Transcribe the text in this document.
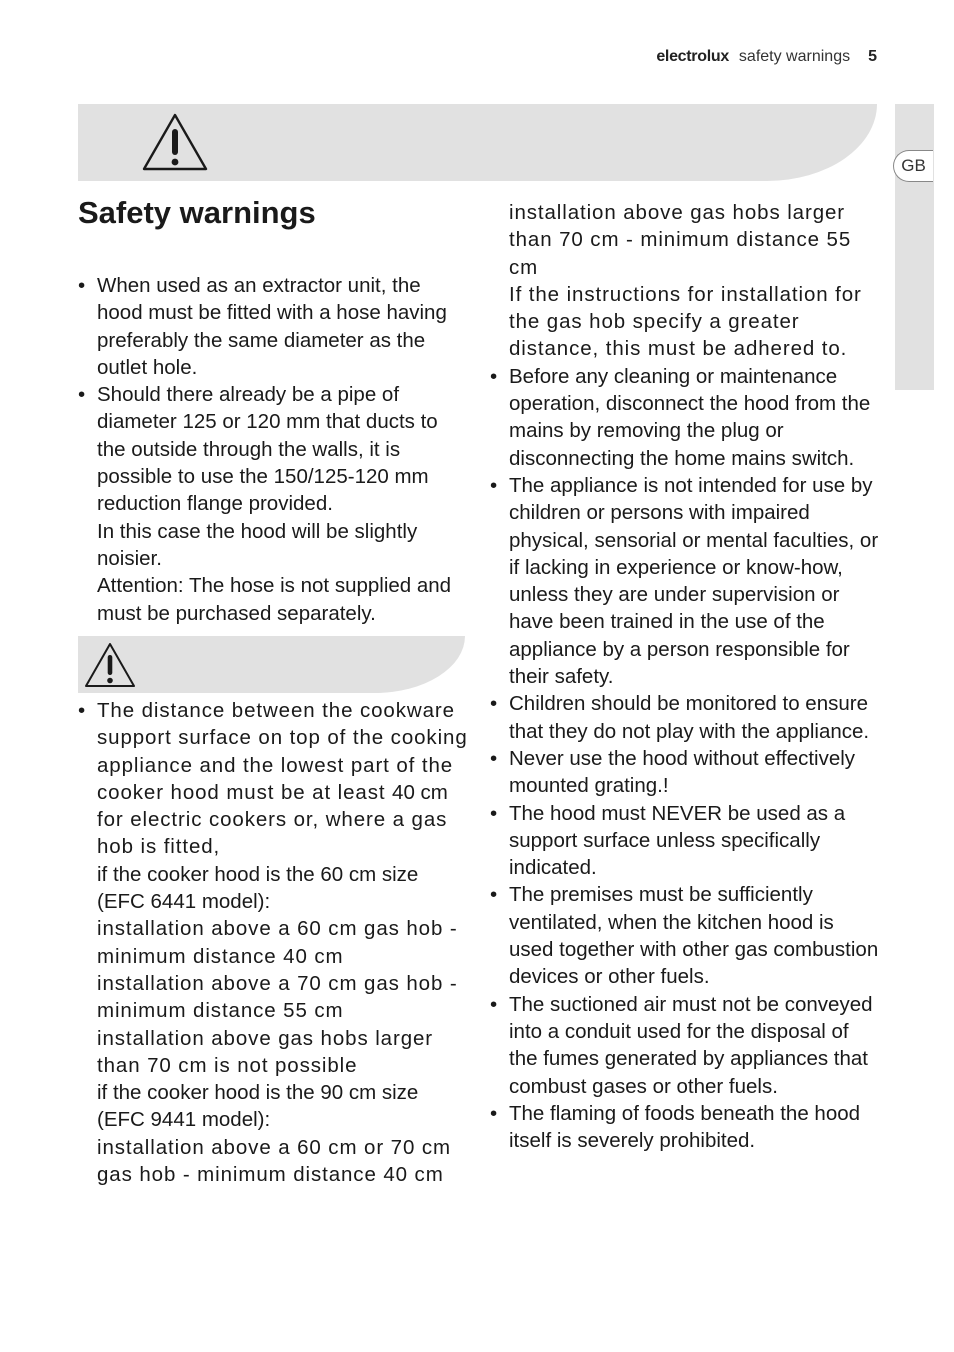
electrolux safety warnings 5
GB
Safety warnings
• When used as an extractor unit, the hood must be fitted with a hose having preferably the same diameter as the outlet hole.
• Should there already be a pipe of diameter 125 or 120 mm that ducts to the outside through the walls, it is possible to use the 150/125-120 mm reduction flange provided.
In this case the hood will be slightly noisier.
Attention: The hose is not supplied and must be purchased separately.
• The distance between the cookware support surface on top of the cooking appliance and the lowest part of the cooker hood must be at least 40 cm for electric cookers or, where a gas hob is fitted,
if the cooker hood is the 60 cm size (EFC 6441 model):
installation above a 60 cm gas hob - minimum distance 40 cm
installation above a 70 cm gas hob - minimum distance 55 cm
installation above gas hobs larger than 70 cm is not possible
if the cooker hood is the 90 cm size (EFC 9441 model):
installation above a 60 cm or 70 cm gas hob - minimum distance 40 cm
installation above gas hobs larger than 70 cm - minimum distance 55 cm
If the instructions for installation for the gas hob specify a greater distance, this must be adhered to.
• Before any cleaning or maintenance operation, disconnect the hood from the mains by removing the plug or disconnecting the home mains switch.
• The appliance is not intended for use by children or persons with impaired physical, sensorial or mental faculties, or if lacking in experience or know-how, unless they are under supervision or have been trained in the use of the appliance by a person responsible for their safety.
• Children should be monitored to ensure that they do not play with the appliance.
• Never use the hood without effectively mounted grating.!
• The hood must NEVER be used as a support surface unless specifically indicated.
• The premises must be sufficiently ventilated, when the kitchen hood is used together with other gas combustion devices or other fuels.
• The suctioned air must not be conveyed into a conduit used for the disposal of the fumes generated by appliances that combust gases or other fuels.
• The flaming of foods beneath the hood itself is severely prohibited.
